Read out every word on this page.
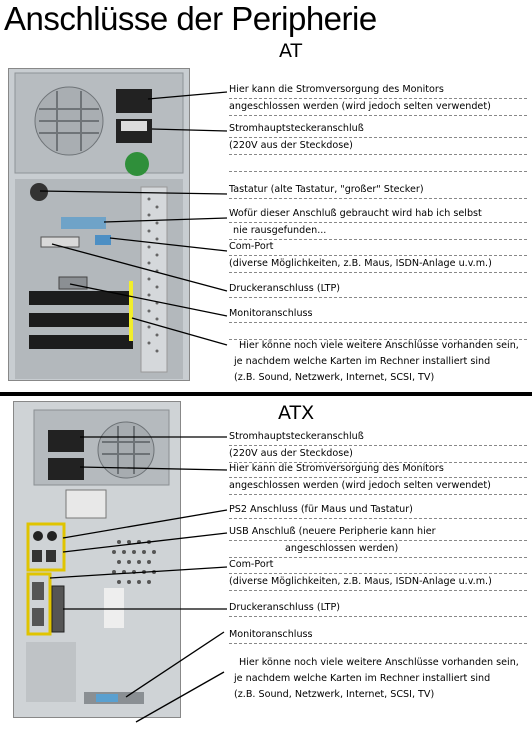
Anschlüsse der Peripherie
AT
Hier kann die Stromversorgung des Monitors
angeschlossen werden (wird jedoch selten verwendet)
Stromhauptsteckeranschluß
(220V aus der Steckdose)

Tastatur (alte Tastatur, "großer" Stecker)
Wofür dieser Anschluß gebraucht wird hab ich selbst
nie rausgefunden...
Com-Port
(diverse Möglichkeiten, z.B. Maus, ISDN-Anlage u.v.m.)
Druckeranschluss (LTP)
Monitoranschluss

Hier könne noch viele weitere Anschlüsse vorhanden sein,
je nachdem welche Karten im Rechner installiert sind
(z.B. Sound, Netzwerk, Internet, SCSI, TV)
ATX
Stromhauptsteckeranschluß
(220V aus der Steckdose)
Hier kann die Stromversorgung des Monitors
angeschlossen werden (wird jedoch selten verwendet)
PS2 Anschluss (für Maus und Tastatur)
USB Anschluß (neuere Peripherie kann hier
angeschlossen werden)
Com-Port
(diverse Möglichkeiten, z.B. Maus, ISDN-Anlage u.v.m.)
Druckeranschluss (LTP)
Monitoranschluss
Hier könne noch viele weitere Anschlüsse vorhanden sein,
je nachdem welche Karten im Rechner installiert sind
(z.B. Sound, Netzwerk, Internet, SCSI, TV)
